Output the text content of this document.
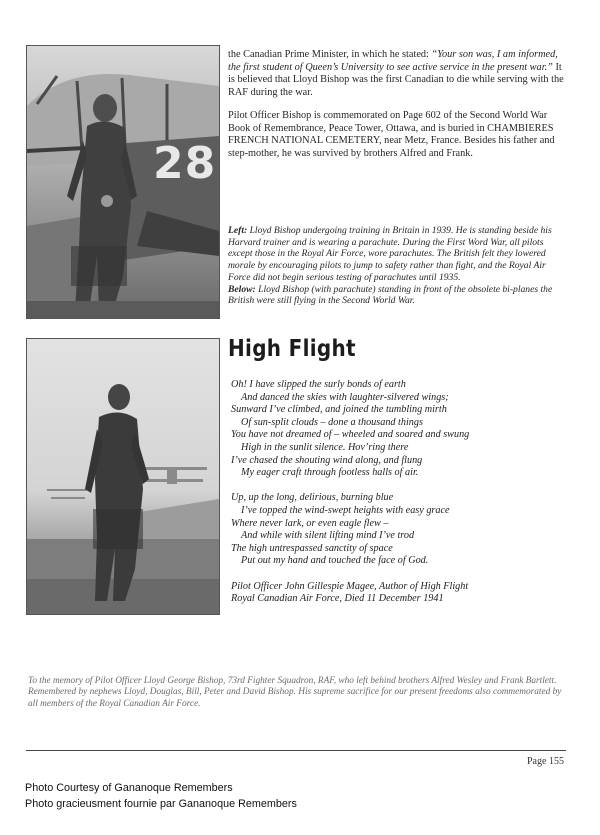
28
the Canadian Prime Minister, in which he stated: “Your son was, I am informed, the first student of Queen’s University to see active service in the present war.” It is believed that Lloyd Bishop was the first Canadian to die while serving with the RAF during the war.
Pilot Officer Bishop is commemorated on Page 602 of the Second World War Book of Remembrance, Peace Tower, Ottawa, and is buried in CHAMBIERES FRENCH NATIONAL CEMETERY, near Metz, France. Besides his father and step-mother, he was survived by brothers Alfred and Frank.
Left: Lloyd Bishop undergoing training in Britain in 1939. He is standing beside his Harvard trainer and is wearing a parachute. During the First Word War, all pilots except those in the Royal Air Force, wore parachutes. The British felt they lowered morale by encouraging pilots to jump to safety rather than fight, and the Royal Air Force did not begin serious testing of parachutes until 1935.
Below: Lloyd Bishop (with parachute) standing in front of the obsolete bi-planes the British were still flying in the Second World War.
High Flight
Oh! I have slipped the surly bonds of earth
And danced the skies with laughter-silvered wings;
Sunward I’ve climbed, and joined the tumbling mirth
Of sun-split clouds – done a thousand things
You have not dreamed of – wheeled and soared and swung
High in the sunlit silence. Hov’ring there
I’ve chased the shouting wind along, and flung
My eager craft through footless halls of air.
Up, up the long, delirious, burning blue
I’ve topped the wind-swept heights with easy grace
Where never lark, or even eagle flew –
And while with silent lifting mind I’ve trod
The high untrespassed sanctity of space
Put out my hand and touched the face of God.
Pilot Officer John Gillespie Magee, Author of High Flight
Royal Canadian Air Force, Died 11 December 1941
To the memory of Pilot Officer Lloyd George Bishop, 73rd Fighter Squadron, RAF, who left behind brothers Alfred Wesley and Frank Bartlett. Remembered by nephews Lloyd, Douglas, Bill, Peter and David Bishop. His supreme sacrifice for our present freedoms also commemorated by all members of the Royal Canadian Air Force.
Page 155
Photo Courtesy of Gananoque Remembers
Photo gracieusment fournie par Gananoque Remembers
